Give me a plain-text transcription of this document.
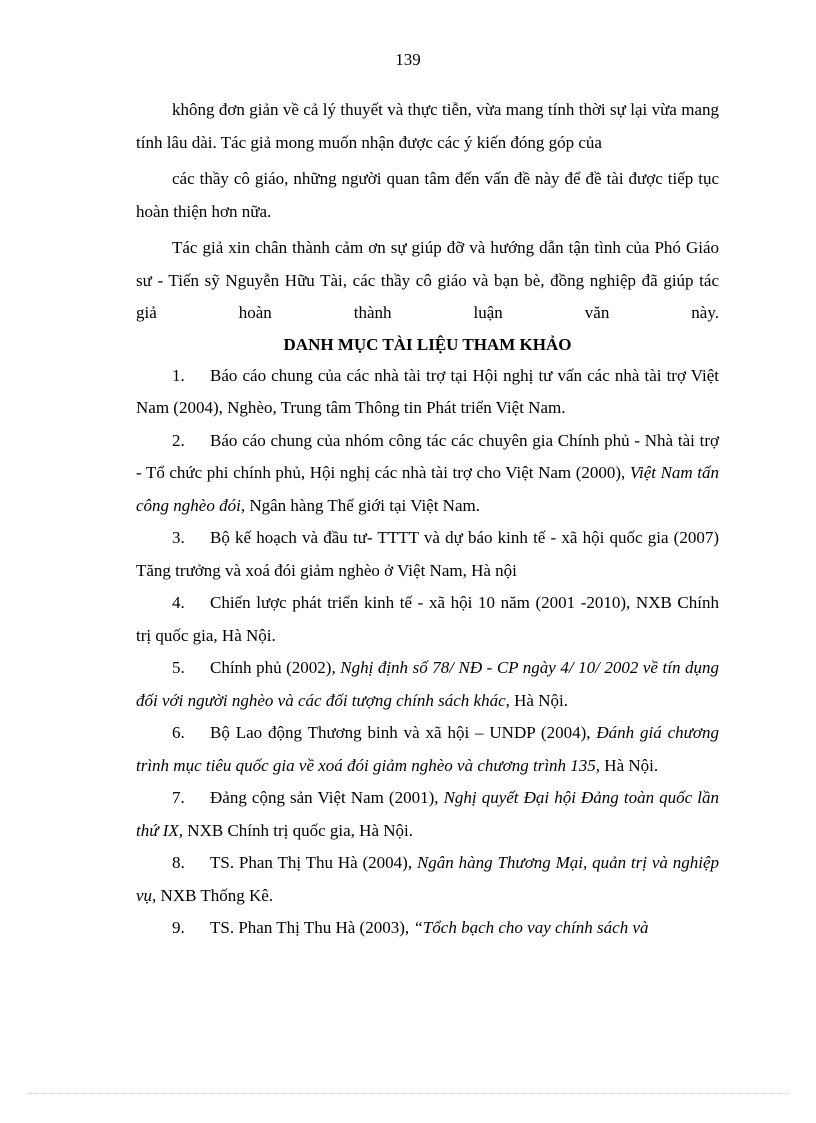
139

không đơn giản về cả lý thuyết và thực tiễn, vừa mang tính thời sự lại vừa mang tính lâu dài. Tác giả mong muốn nhận được các ý kiến đóng góp của

các thầy cô giáo, những người quan tâm đến vấn đề này để đề tài được tiếp tục hoàn thiện hơn nữa.

Tác giả xin chân thành cảm ơn sự giúp đỡ và hướng dẫn tận tình của Phó Giáo sư - Tiến sỹ Nguyễn Hữu Tài, các thầy cô giáo và bạn bè, đồng nghiệp đã giúp tác giả hoàn thành luận văn này.

DANH MỤC TÀI LIỆU THAM KHẢO

1. Báo cáo chung của các nhà tài trợ tại Hội nghị tư vấn các nhà tài trợ Việt Nam (2004), Nghèo, Trung tâm Thông tin Phát triển Việt Nam.

2. Báo cáo chung của nhóm công tác các chuyên gia Chính phủ - Nhà tài trợ - Tổ chức phi chính phủ, Hội nghị các nhà tài trợ cho Việt Nam (2000), Việt Nam tấn công nghèo đói, Ngân hàng Thế giới tại Việt Nam.

3. Bộ kế hoạch và đầu tư- TTTT và dự báo kinh tế - xã hội quốc gia (2007) Tăng trưởng và xoá đói giảm nghèo ở Việt Nam, Hà nội

4. Chiến lược phát triển kinh tế - xã hội 10 năm (2001 -2010), NXB Chính trị quốc gia, Hà Nội.

5. Chính phủ (2002), Nghị định số 78/ NĐ - CP ngày 4/ 10/ 2002 về tín dụng đối với người nghèo và các đối tượng chính sách khác, Hà Nội.

6. Bộ Lao động Thương binh và xã hội – UNDP (2004), Đánh giá chương trình mục tiêu quốc gia về xoá đói giảm nghèo và chương trình 135, Hà Nội.

7. Đảng cộng sản Việt Nam (2001), Nghị quyết Đại hội Đảng toàn quốc lần thứ IX, NXB Chính trị quốc gia, Hà Nội.

8. TS. Phan Thị Thu Hà (2004), Ngân hàng Thương Mại, quản trị và nghiệp vụ, NXB Thống Kê.

9. TS. Phan Thị Thu Hà (2003), “Tổch bạch cho vay chính sách và
